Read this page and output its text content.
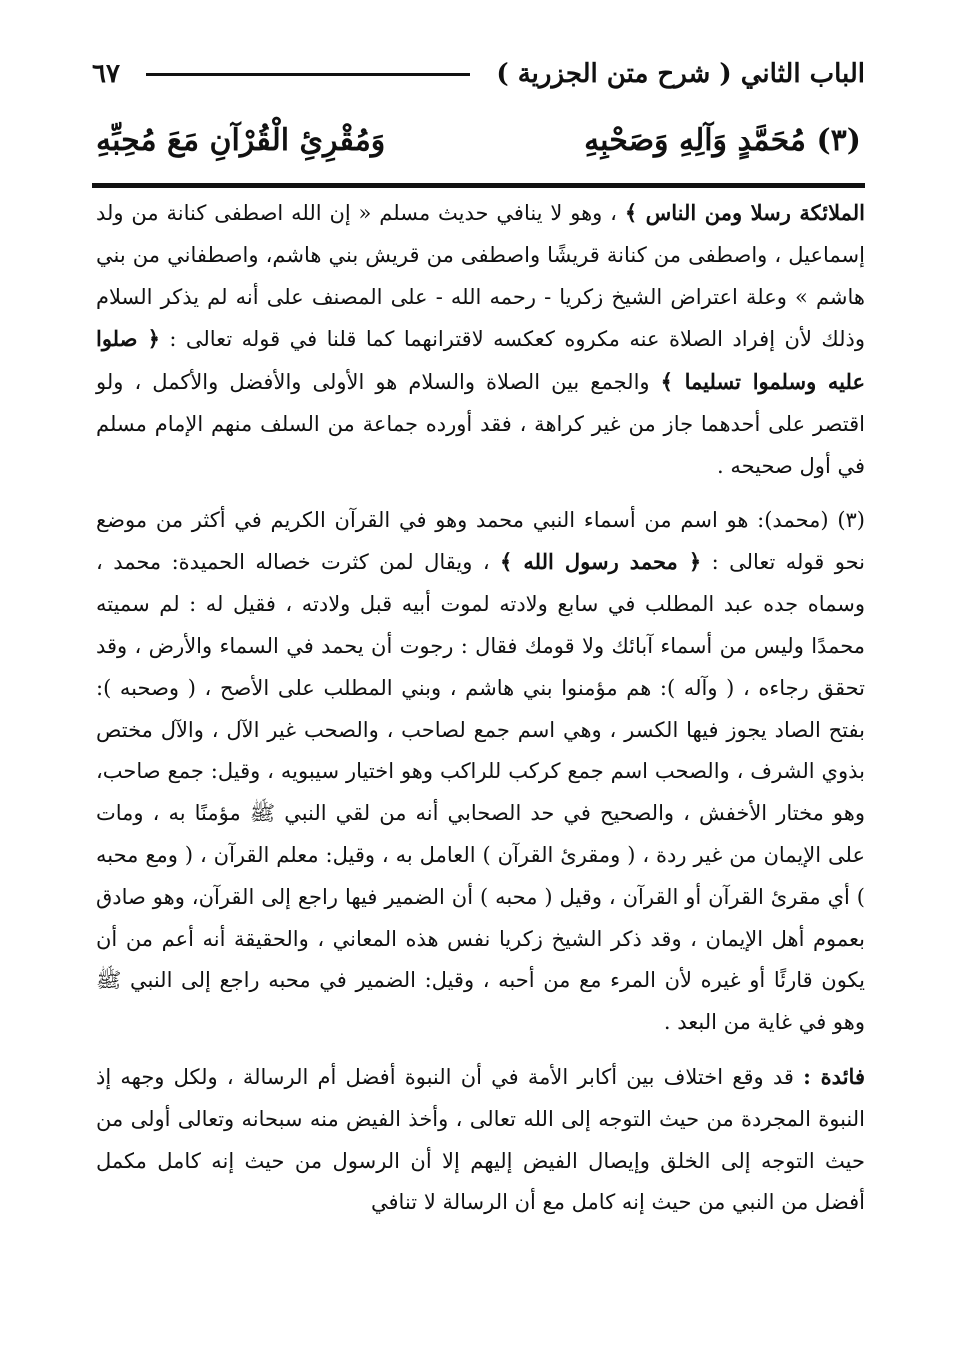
الباب الثاني ( شرح متن الجزرية )
٦٧
(٣) مُحَمَّدٍ وَآلِهِ وَصَحْبِهِ
وَمُقْرِئِ الْقُرْآنِ مَعَ مُحِبِّهِ

الملائكة رسلا ومن الناس ﴾ ، وهو لا ينافي حديث مسلم « إن الله اصطفى كنانة من ولد إسماعيل ، واصطفى من كنانة قريشًا واصطفى من قريش بني هاشم، واصطفاني من بني هاشم » وعلة اعتراض الشيخ زكريا - رحمه الله - على المصنف على أنه لم يذكر السلام وذلك لأن إفراد الصلاة عنه مكروه كعكسه لاقترانهما كما قلنا في قوله تعالى : ﴿ صلوا عليه وسلموا تسليما ﴾ والجمع بين الصلاة والسلام هو الأولى والأفضل والأكمل ، ولو اقتصر على أحدهما جاز من غير كراهة ، فقد أورده جماعة من السلف منهم الإمام مسلم في أول صحيحه .

(٣) (محمد): هو اسم من أسماء النبي محمد وهو في القرآن الكريم في أكثر من موضع نحو قوله تعالى : ﴿ محمد رسول الله ﴾ ، ويقال لمن كثرت خصاله الحميدة: محمد ، وسماه جده عبد المطلب في سابع ولادته لموت أبيه قبل ولادته ، فقيل له : لم سميته محمدًا وليس من أسماء آبائك ولا قومك فقال : رجوت أن يحمد في السماء والأرض ، وقد تحقق رجاءه ، ( وآله ): هم مؤمنوا بني هاشم ، وبني المطلب على الأصح ، ( وصحبه ): بفتح الصاد يجوز فيها الكسر ، وهي اسم جمع لصاحب ، والصحب غير الآل ، والآل مختص بذوي الشرف ، والصحب اسم جمع كركب للراكب وهو اختيار سيبويه ، وقيل: جمع صاحب، وهو مختار الأخفش ، والصحيح في حد الصحابي أنه من لقي النبي ﷺ مؤمنًا به ، ومات على الإيمان من غير ردة ، ( ومقرئ القرآن ) العامل به ، وقيل: معلم القرآن ، ( ومع محبه ) أي مقرئ القرآن أو القرآن ، وقيل ( محبه ) أن الضمير فيها راجع إلى القرآن، وهو صادق بعموم أهل الإيمان ، وقد ذكر الشيخ زكريا نفس هذه المعاني ، والحقيقة أنه أعم من أن يكون قارئًا أو غيره لأن المرء مع من أحبه ، وقيل: الضمير في محبه راجع إلى النبي ﷺ وهو في غاية من البعد .

فائدة : قد وقع اختلاف بين أكابر الأمة في أن النبوة أفضل أم الرسالة ، ولكل وجهه إذ النبوة المجردة من حيث التوجه إلى الله تعالى ، وأخذ الفيض منه سبحانه وتعالى أولى من حيث التوجه إلى الخلق وإيصال الفيض إليهم إلا أن الرسول من حيث إنه كامل مكمل أفضل من النبي من حيث إنه كامل مع أن الرسالة لا تنافي
